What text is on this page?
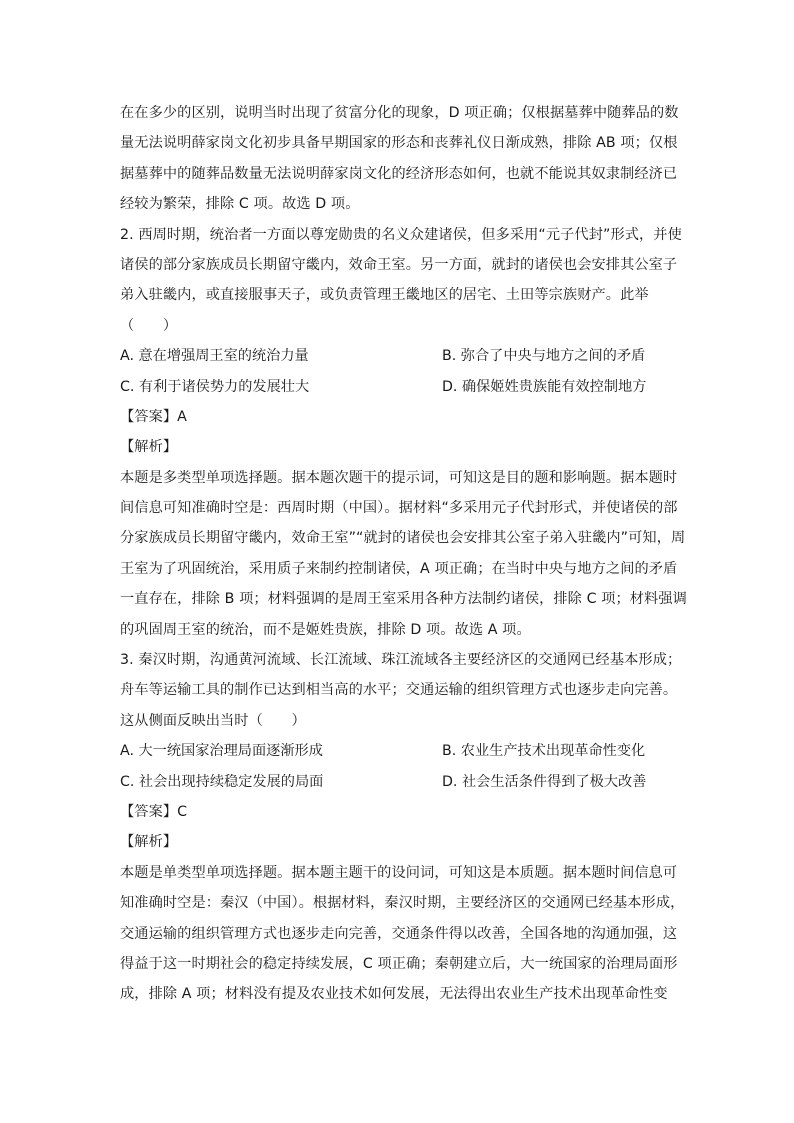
在在多少的区别，说明当时出现了贫富分化的现象，D 项正确；仅根据墓葬中随葬品的数
量无法说明薛家岗文化初步具备早期国家的形态和丧葬礼仪日渐成熟，排除 AB 项；仅根
据墓葬中的随葬品数量无法说明薛家岗文化的经济形态如何，也就不能说其奴隶制经济已
经较为繁荣，排除 C 项。故选 D 项。
2. 西周时期，统治者一方面以尊宠勋贵的名义众建诸侯，但多采用“元子代封”形式，并使
诸侯的部分家族成员长期留守畿内，效命王室。另一方面，就封的诸侯也会安排其公室子
弟入驻畿内，或直接服事天子，或负责管理王畿地区的居宅、土田等宗族财产。此举
（　　）
A. 意在增强周王室的统治力量	B. 弥合了中央与地方之间的矛盾
C. 有利于诸侯势力的发展壮大	D. 确保姬姓贵族能有效控制地方
【答案】A
【解析】
本题是多类型单项选择题。据本题次题干的提示词，可知这是目的题和影响题。据本题时
间信息可知准确时空是：西周时期（中国）。据材料“多采用元子代封形式，并使诸侯的部
分家族成员长期留守畿内，效命王室”“就封的诸侯也会安排其公室子弟入驻畿内”可知，周
王室为了巩固统治，采用质子来制约控制诸侯，A 项正确；在当时中央与地方之间的矛盾
一直存在，排除 B 项；材料强调的是周王室采用各种方法制约诸侯，排除 C 项；材料强调
的巩固周王室的统治，而不是姬姓贵族，排除 D 项。故选 A 项。
3. 秦汉时期，沟通黄河流域、长江流域、珠江流域各主要经济区的交通网已经基本形成；
舟车等运输工具的制作已达到相当高的水平；交通运输的组织管理方式也逐步走向完善。
这从侧面反映出当时（　　）
A. 大一统国家治理局面逐渐形成	B. 农业生产技术出现革命性变化
C. 社会出现持续稳定发展的局面	D. 社会生活条件得到了极大改善
【答案】C
【解析】
本题是单类型单项选择题。据本题主题干的设问词，可知这是本质题。据本题时间信息可
知准确时空是：秦汉（中国）。根据材料，秦汉时期，主要经济区的交通网已经基本形成，
交通运输的组织管理方式也逐步走向完善，交通条件得以改善，全国各地的沟通加强，这
得益于这一时期社会的稳定持续发展，C 项正确；秦朝建立后，大一统国家的治理局面形
成，排除 A 项；材料没有提及农业技术如何发展，无法得出农业生产技术出现革命性变
